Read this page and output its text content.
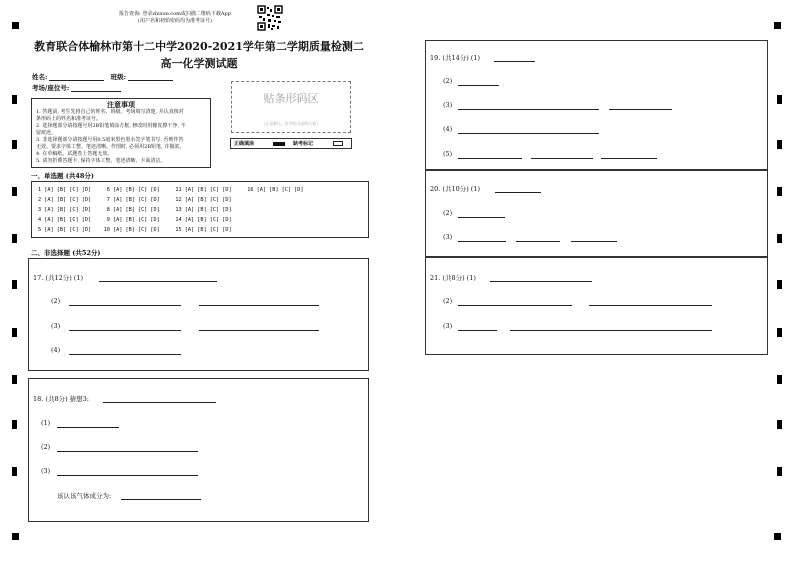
报告查询: 登录zhixue.com或扫描二维码下载App
(用户名和初始密码均为准考证号)
教育联合体榆林市第十二中学2020-2021学年第二学期质量检测二
高一化学测试题
姓名:	班级:
考场/座位号:
注意事项
1. 答题前, 考生先将自己的姓名、班级、考场填写清楚, 并认真核对
条形码上的姓名和准考证号。
2. 选择题部分请按题号用2B铅笔填涂方框, 修改时用橡皮擦干净, 不
留痕迹。
3. 非选择题部分请按题号用0.5毫米黑色墨水签字笔书写, 否则作答
无效。要求字体工整、笔迹清晰。作图时, 必须用2B铅笔, 并描浓。
4. 在草稿纸、试题卷上答题无效。
5. 请勿折叠答题卡, 保持字体工整、笔迹清晰、卡面清洁。
贴条形码区
(正面朝上, 切勿贴出虚线方框)
正确填涂	缺考标记
一、单选题 (共48分)
1 [A] [B] [C] [D]     6 [A] [B] [C] [D]     11 [A] [B] [C] [D]     16 [A] [B] [C] [D]
2 [A] [B] [C] [D]     7 [A] [B] [C] [D]     12 [A] [B] [C] [D]
3 [A] [B] [C] [D]     8 [A] [B] [C] [D]     13 [A] [B] [C] [D]
4 [A] [B] [C] [D]     9 [A] [B] [C] [D]     14 [A] [B] [C] [D]
5 [A] [B] [C] [D]    10 [A] [B] [C] [D]     15 [A] [B] [C] [D]
二、非选择题 (共52分)
17. (共12分) (1)
(2)
(3)
(4)
18. (共8分) 猜想3:
(1)
(2)
(3)
该认该气体成分为:
19. (共14分) (1)
(2)
(3)
(4)
(5)
20. (共10分) (1)
(2)
(3)
21. (共8分) (1)
(2)
(3)
